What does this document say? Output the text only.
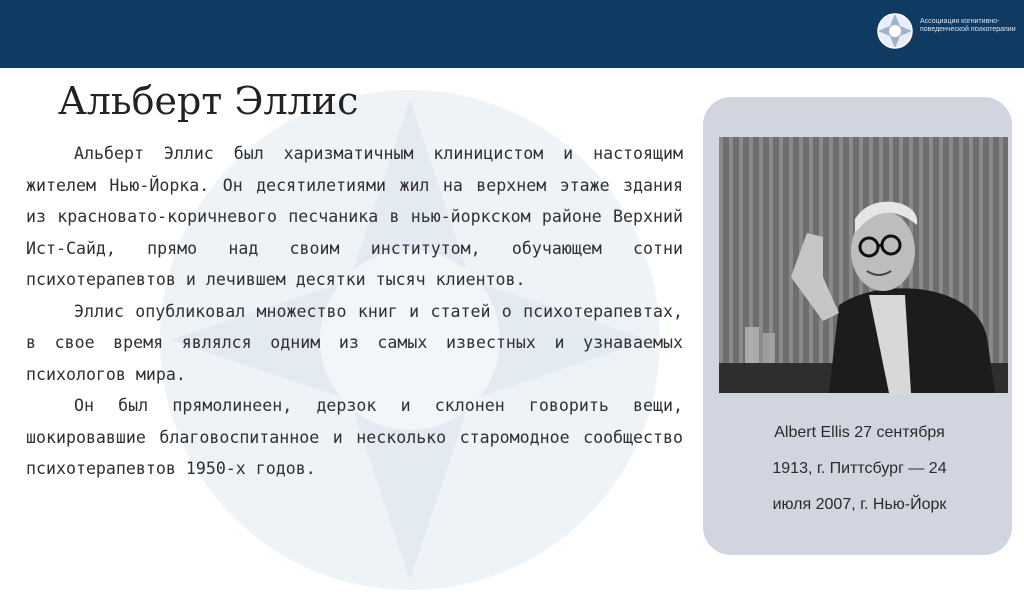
Ассоциация когнитивно-поведенческой психотерапии
Альберт Эллис

Альберт Эллис был харизматичным клиницистом и настоящим жителем Нью-Йорка. Он десятилетиями жил на верхнем этаже здания из красновато-коричневого песчаника в нью-йоркском районе Верхний Ист-Сайд, прямо над своим институтом, обучающем сотни психотерапевтов и лечившем десятки тысяч клиентов.

Эллис опубликовал множество книг и статей о психотерапевтах, в свое время являлся одним из самых известных и узнаваемых психологов мира.

Он был прямолинеен, дерзок и склонен говорить вещи, шокировавшие благовоспитанное и несколько старомодное сообщество психотерапевтов 1950-х годов.

Albert Ellis 27 сентября
1913, г. Питтсбург — 24
июля 2007, г. Нью-Йорк
